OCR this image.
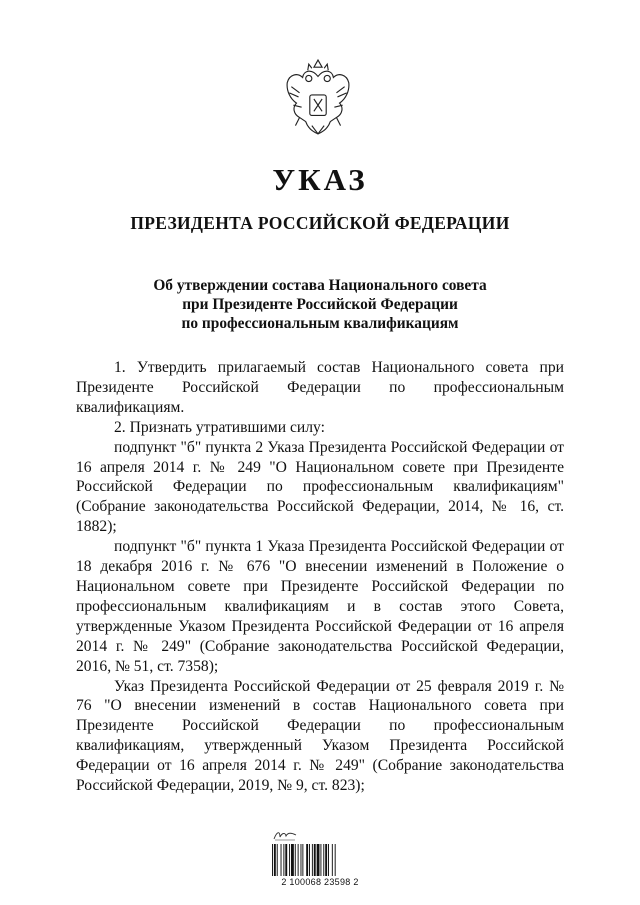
УКАЗ
ПРЕЗИДЕНТА РОССИЙСКОЙ ФЕДЕРАЦИИ
Об утверждении состава Национального совета
при Президенте Российской Федерации
по профессиональным квалификациям

1. Утвердить прилагаемый состав Национального совета при Президенте Российской Федерации по профессиональным квалификациям.

2. Признать утратившими силу:

подпункт "б" пункта 2 Указа Президента Российской Федерации от 16 апреля 2014 г. № 249 "О Национальном совете при Президенте Российской Федерации по профессиональным квалификациям" (Собрание законодательства Российской Федерации, 2014, № 16, ст. 1882);

подпункт "б" пункта 1 Указа Президента Российской Федерации от 18 декабря 2016 г. № 676 "О внесении изменений в Положение о Национальном совете при Президенте Российской Федерации по профессиональным квалификациям и в состав этого Совета, утвержденные Указом Президента Российской Федерации от 16 апреля 2014 г. № 249" (Собрание законодательства Российской Федерации, 2016, № 51, ст. 7358);

Указ Президента Российской Федерации от 25 февраля 2019 г. № 76 "О внесении изменений в состав Национального совета при Президенте Российской Федерации по профессиональным квалификациям, утвержденный Указом Президента Российской Федерации от 16 апреля 2014 г. № 249" (Собрание законодательства Российской Федерации, 2019, № 9, ст. 823);

2 100068 23598 2
